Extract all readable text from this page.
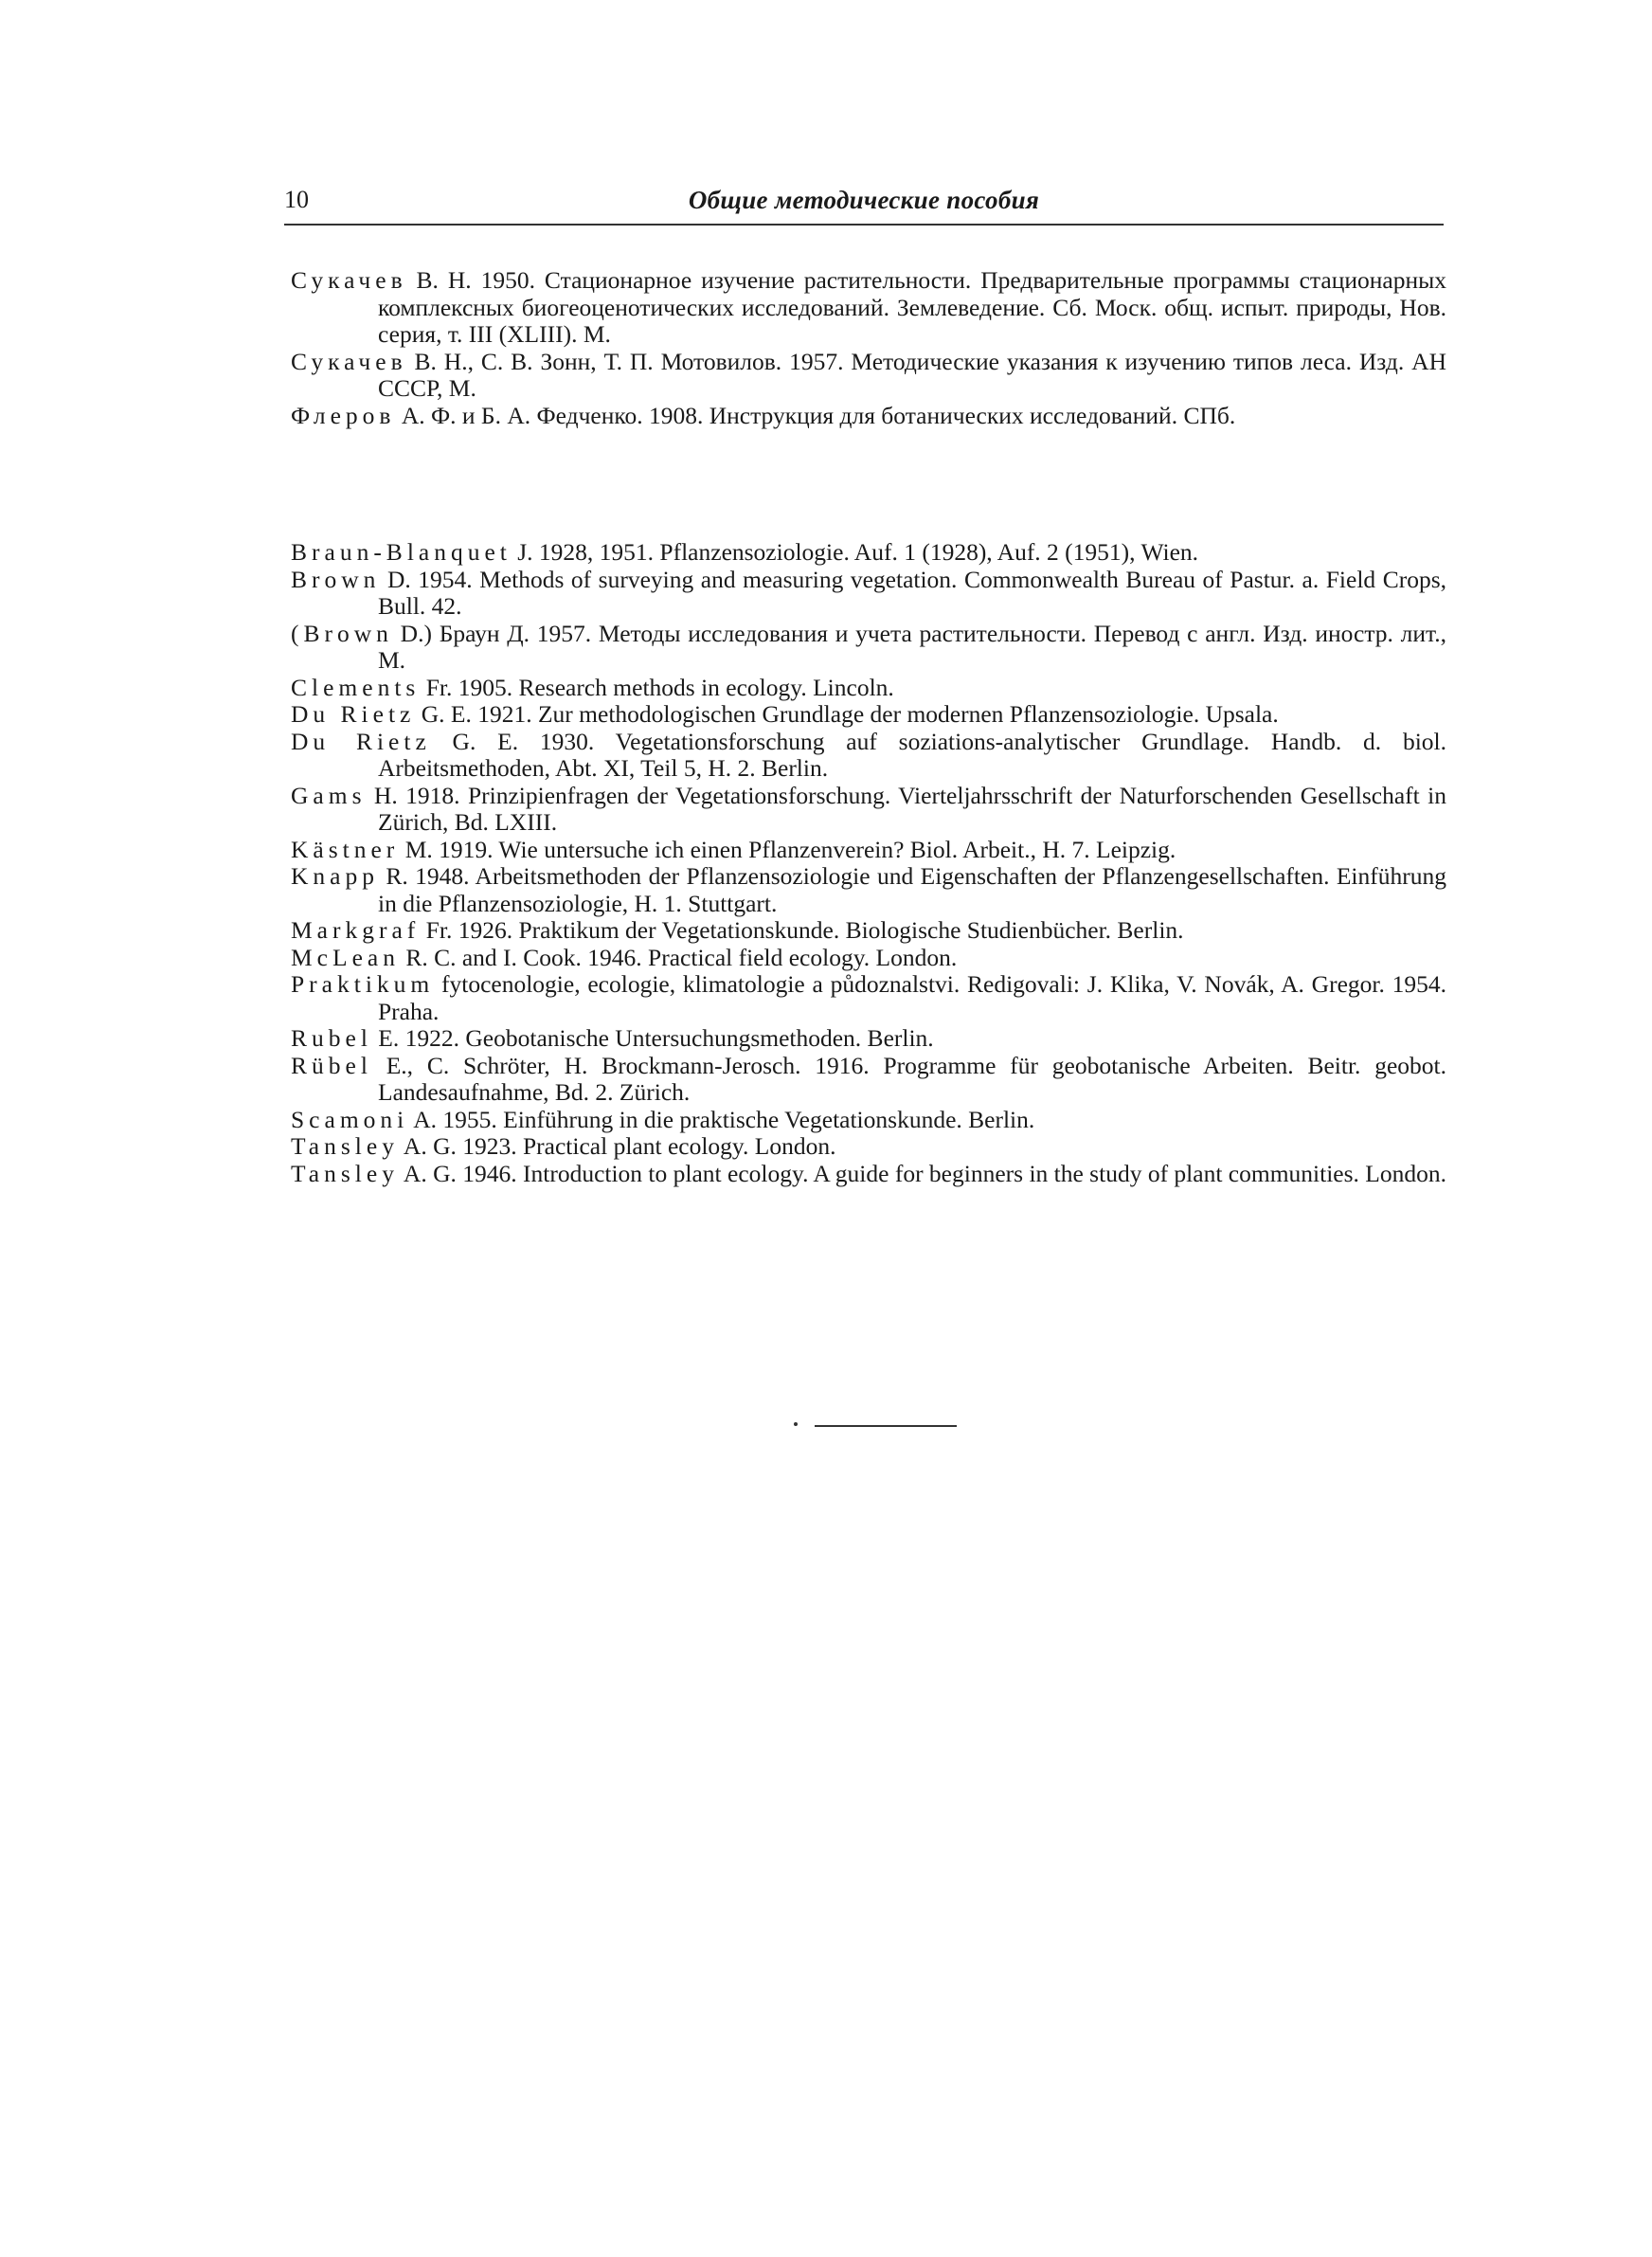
10	Общие методические пособия

Сукачев В. Н. 1950. Стационарное изучение растительности. Предварительные программы стационарных комплексных биогеоценотических исследований. Землеведение. Сб. Моск. общ. испыт. природы, Нов. серия, т. III (XLIII). М.

Сукачев В. Н., С. В. Зонн, Т. П. Мотовилов. 1957. Методические указания к изучению типов леса. Изд. АН СССР, М.

Флеров А. Ф. и Б. А. Федченко. 1908. Инструкция для ботанических исследований. СПб.

Braun-Blanquet J. 1928, 1951. Pflanzensoziologie. Auf. 1 (1928), Auf. 2 (1951), Wien.

Brown D. 1954. Methods of surveying and measuring vegetation. Commonwealth Bureau of Pastur. a. Field Crops, Bull. 42.

(Brown D.) Браун Д. 1957. Методы исследования и учета растительности. Перевод с англ. Изд. иностр. лит., М.

Clements Fr. 1905. Research methods in ecology. Lincoln.

Du Rietz G. E. 1921. Zur methodologischen Grundlage der modernen Pflanzensoziologie. Upsala.

Du Rietz G. E. 1930. Vegetationsforschung auf soziations-analytischer Grundlage. Handb. d. biol. Arbeitsmethoden, Abt. XI, Teil 5, H. 2. Berlin.

Gams H. 1918. Prinzipienfragen der Vegetationsforschung. Vierteljahrsschrift der Naturforschenden Gesellschaft in Zürich, Bd. LXIII.

Kästner M. 1919. Wie untersuche ich einen Pflanzenverein? Biol. Arbeit., H. 7. Leipzig.

Knapp R. 1948. Arbeitsmethoden der Pflanzensoziologie und Eigenschaften der Pflanzengesellschaften. Einführung in die Pflanzensoziologie, H. 1. Stuttgart.

Markgraf Fr. 1926. Praktikum der Vegetationskunde. Biologische Studienbücher. Berlin.

McLean R. C. and I. Cook. 1946. Practical field ecology. London.

Praktikum fytocenologie, ecologie, klimatologie a půdoznalstvi. Redigovali: J. Klika, V. Novák, A. Gregor. 1954. Praha.

Rubel E. 1922. Geobotanische Untersuchungsmethoden. Berlin.

Rübel E., C. Schröter, H. Brockmann-Jerosch. 1916. Programme für geobotanische Arbeiten. Beitr. geobot. Landesaufnahme, Bd. 2. Zürich.

Scamoni A. 1955. Einführung in die praktische Vegetationskunde. Berlin.

Tansley A. G. 1923. Practical plant ecology. London.

Tansley A. G. 1946. Introduction to plant ecology. A guide for beginners in the study of plant communities. London.
